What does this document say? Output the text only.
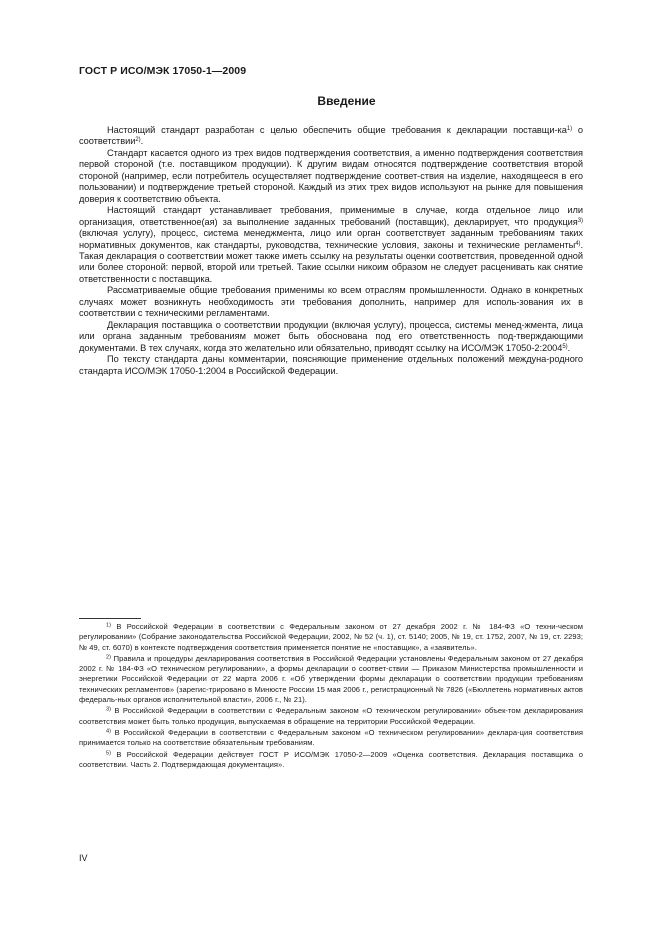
ГОСТ Р ИСО/МЭК 17050-1—2009
Введение

Настоящий стандарт разработан с целью обеспечить общие требования к декларации поставщи-$ка^{1)}$ о соответствии$^{2)}$.

Стандарт касается одного из трех видов подтверждения соответствия, а именно подтверждения соответствия первой стороной (т.е. поставщиком продукции). К другим видам относятся подтверждение соответствия второй стороной (например, если потребитель осуществляет подтверждение соответ-ствия на изделие, находящееся в его пользовании) и подтверждение третьей стороной. Каждый из этих трех видов используют на рынке для повышения доверия к соответствию объекта.

Настоящий стандарт устанавливает требования, применимые в случае, когда отдельное лицо или организация, ответственное(ая) за выполнение заданных требований (поставщик), декларирует, что продукция$^{3)}$ (включая услугу), процесс, система менеджмента, лицо или орган соответствует заданным требованиям таких нормативных документов, как стандарты, руководства, технические условия, законы и технические регламенты$^{4)}$. Такая декларация о соответствии может также иметь ссылку на результаты оценки соответствия, проведенной одной или более стороной: первой, второй или третьей. Такие ссылки никоим образом не следует расценивать как снятие ответственности с поставщика.

Рассматриваемые общие требования применимы ко всем отраслям промышленности. Однако в конкретных случаях может возникнуть необходимость эти требования дополнить, например для исполь-зования их в соответствии с техническими регламентами.

Декларация поставщика о соответствии продукции (включая услугу), процесса, системы менед-жмента, лица или органа заданным требованиям может быть обоснована под его ответственность под-тверждающими документами. В тех случаях, когда это желательно или обязательно, приводят ссылку на ИСО/МЭК 17050-2:2004$^{5)}$.

По тексту стандарта даны комментарии, поясняющие применение отдельных положений междуна-родного стандарта ИСО/МЭК 17050-1:2004 в Российской Федерации.

$^{1)}$ В Российской Федерации в соответствии с Федеральным законом от 27 декабря 2002 г. № 184-ФЗ «О техни-ческом регулировании» (Собрание законодательства Российской Федерации, 2002, № 52 (ч. 1), ст. 5140; 2005, № 19, ст. 1752, 2007, № 19, ст. 2293; № 49, ст. 6070) в контексте подтверждения соответствия применяется понятие не «поставщик», а «заявитель».

$^{2)}$ Правила и процедуры декларирования соответствия в Российской Федерации установлены Федеральным законом от 27 декабря 2002 г. № 184-ФЗ «О техническом регулировании», а формы декларации о соответ-ствии — Приказом Министерства промышленности и энергетики Российской Федерации от 22 марта 2006 г. «Об утверждении формы декларации о соответствии продукции требованиям технических регламентов» (зарегис-трировано в Минюсте России 15 мая 2006 г., регистрационный № 7826 («Бюллетень нормативных актов федераль-ных органов исполнительной власти», 2006 г., № 21).

$^{3)}$ В Российской Федерации в соответствии с Федеральным законом «О техническом регулировании» объек-том декларирования соответствия может быть только продукция, выпускаемая в обращение на территории Российской Федерации.

$^{4)}$ В Российской Федерации в соответствии с Федеральным законом «О техническом регулировании» деклара-ция соответствия принимается только на соответствие обязательным требованиям.

$^{5)}$ В Российской Федерации действует ГОСТ Р ИСО/МЭК 17050-2—2009 «Оценка соответствия. Декларация поставщика о соответствии. Часть 2. Подтверждающая документация».

IV
